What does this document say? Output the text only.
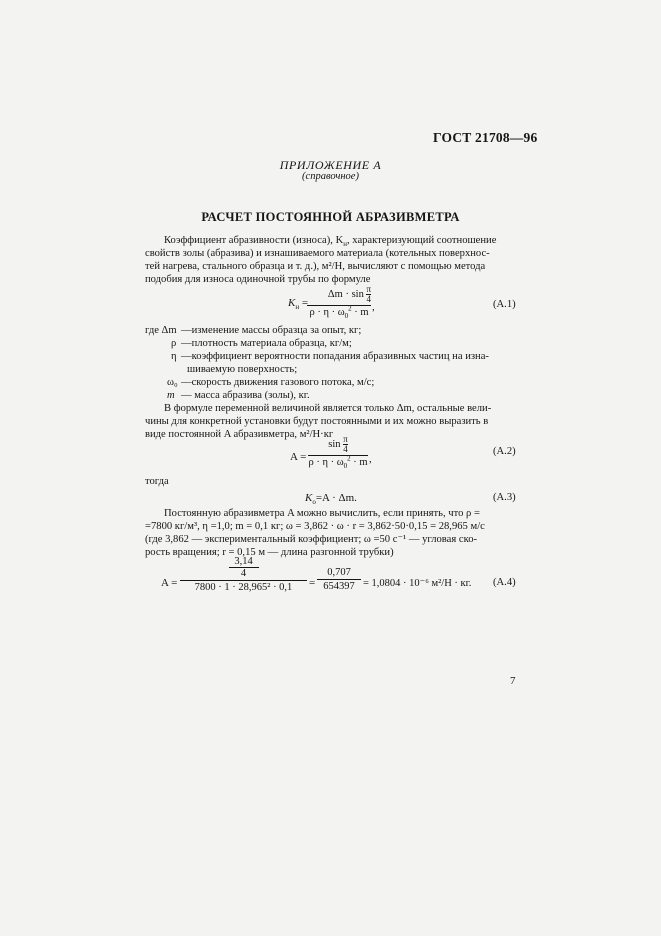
ГОСТ 21708—96
ПРИЛОЖЕНИЕ А
(справочное)
РАСЧЕТ ПОСТОЯННОЙ АБРАЗИВМЕТРА
Коэффициент абразивности (износа), $K_н$, характеризующий соотношение
свойств золы (абразива) и изнашиваемого материала (котельных поверхнос-
тей нагрева, стального образца и т. д.), м²/Н, вычисляют с помощью метода
подобия для износа одиночной трубы по формуле
$K_н$ =
$\Delta m \cdot \sin \frac{\pi}{4}$
$\rho \cdot \eta \cdot \omega_0^2 \cdot m$ ,	(А.1)
где Δm —изменение массы образца за опыт, кг;
ρ —плотность материала образца, кг/м;
η —коэффициент вероятности попадания абразивных частиц на изна-
шиваемую поверхность;
ω₀ —скорость движения газового потока, м/с;
m — масса абразива (золы), кг.
В формуле переменной величиной является только Δm, остальные вели-
чины для конкретной установки будут постоянными и их можно выразить в
виде постоянной A абразивметра, м²/Н·кг
A =
$\sin \frac{\pi}{4}$
$\rho \cdot \eta \cdot \omega_0^2 \cdot m$ ,
(А.2)
тогда
$K_о=A \cdot \Delta m$.	(А.3)
Постоянную абразивметра A можно вычислить, если принять, что ρ =
=7800 кг/м³, η =1,0; m = 0,1 кг; ω = 3,862 · ω · r = 3,862·50·0,15 = 28,965 м/с
(где 3,862 — экспериментальный коэффициент; ω =50 с⁻¹ — угловая ско-
рость вращения; r = 0,15 м — длина разгонной трубки)
A =
$\frac{3,14}{4}$
7800 · 1 · 28,965² · 0,1	=
0,707
654397 = 1,0804 · 10⁻⁶ м²/Н · кг. (А.4)
7
